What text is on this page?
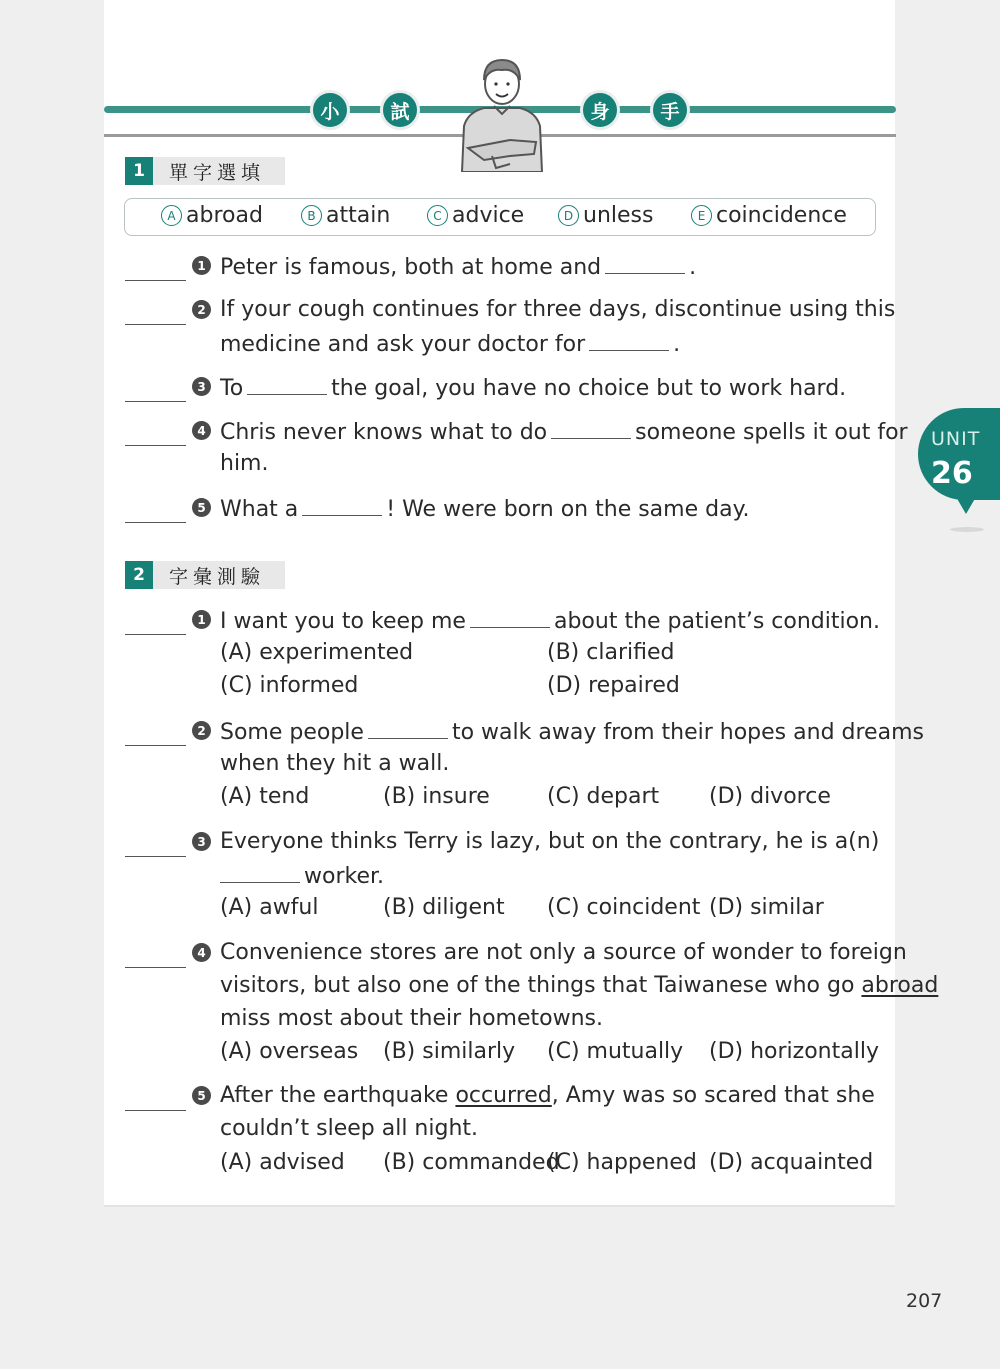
小	試	身	手
UNIT
26
1	單字選填
A abroad	B attain	C advice	D unless	E coincidence
1 Peter is famous, both at home and	.
2 If your cough continues for three days, discontinue using this
medicine and ask your doctor for	.
3 To	the goal, you have no choice but to work hard.
4 Chris never knows what to do	someone spells it out for
him.
5 What a	! We were born on the same day.
2	字彙測驗
1 I want you to keep me	about the patient’s condition.
(A) experimented	(B) clarified
(C) informed	(D) repaired
2 Some people	to walk away from their hopes and dreams
when they hit a wall.
(A) tend	(B) insure	(C) depart (D) divorce
3 Everyone thinks Terry is lazy, but on the contrary, he is a(n)
worker.
(A) awful	(B) diligent (C) coincident (D) similar
4 Convenience stores are not only a source of wonder to foreign
visitors, but also one of the things that Taiwanese who go abroad
miss most about their hometowns.
(A) overseas (B) similarly (C) mutually (D) horizontally
5 After the earthquake occurred, Amy was so scared that she
couldn’t sleep all night.
(A) advised (B) commanded
(C) happened (D) acquainted
207
